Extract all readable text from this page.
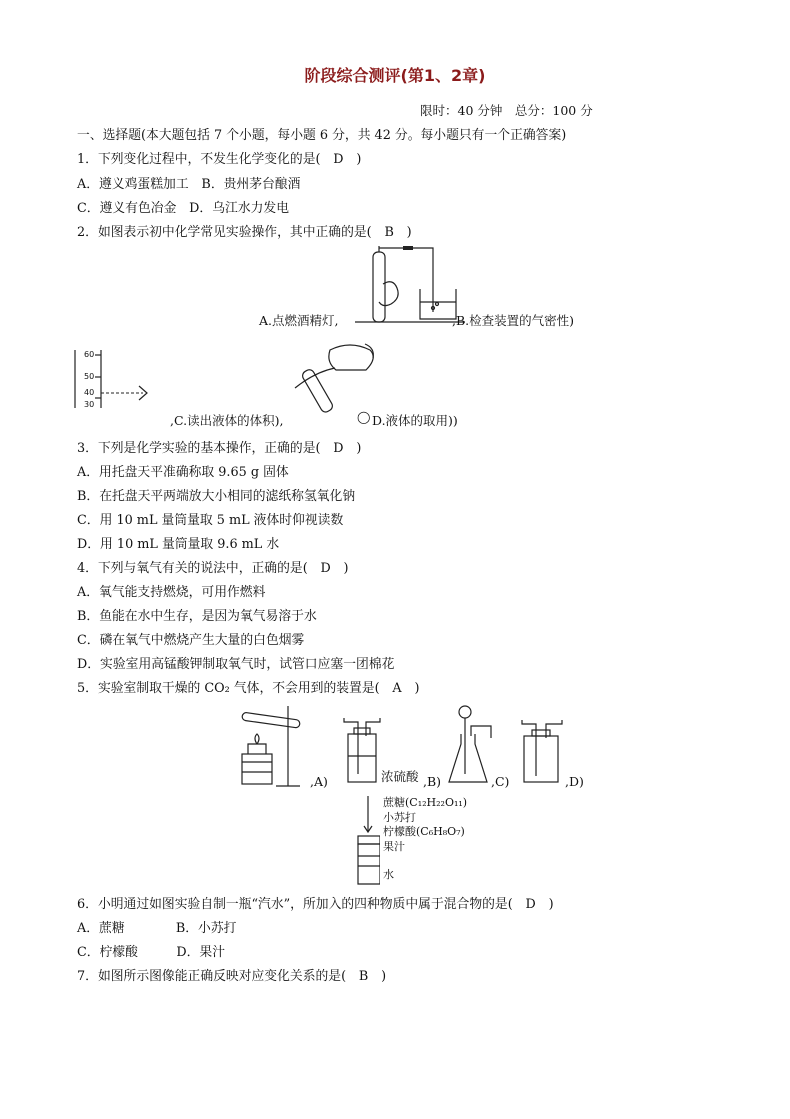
阶段综合测评(第1、2章)
限时：40 分钟　总分：100 分
一、选择题(本大题包括 7 个小题，每小题 6 分，共 42 分。每小题只有一个正确答案)
1．下列变化过程中，不发生化学变化的是(　D　)
A．遵义鸡蛋糕加工　B．贵州茅台酿酒
C．遵义有色冶金　D．乌江水力发电
2．如图表示初中化学常见实验操作，其中正确的是(　B　)
A.点燃酒精灯,	,B.检查装置的气密性)
60
50
40
30
,C.读出液体的体积),	◯ D.液体的取用))
3．下列是化学实验的基本操作，正确的是(　D　)
A．用托盘天平准确称取 9.65 g 固体
B．在托盘天平两端放大小相同的滤纸称氢氧化钠
C．用 10 mL 量筒量取 5 mL 液体时仰视读数
D．用 10 mL 量筒量取 9.6 mL 水
4．下列与氧气有关的说法中，正确的是(　D　)
A．氧气能支持燃烧，可用作燃料
B．鱼能在水中生存，是因为氧气易溶于水
C．磷在氧气中燃烧产生大量的白色烟雾
D．实验室用高锰酸钾制取氧气时，试管口应塞一团棉花
5．实验室制取干燥的 CO₂ 气体，不会用到的装置是(　A　)
,A)	浓硫酸 ,B)	,C)	,D)
蔗糖(C₁₂H₂₂O₁₁)
小苏打
柠檬酸(C₆H₈O₇)
果汁
水
6．小明通过如图实验自制一瓶“汽水”，所加入的四种物质中属于混合物的是(　D　)
A．蔗糖　　　　B．小苏打
C．柠檬酸　　　D．果汁
7．如图所示图像能正确反映对应变化关系的是(　B　)
